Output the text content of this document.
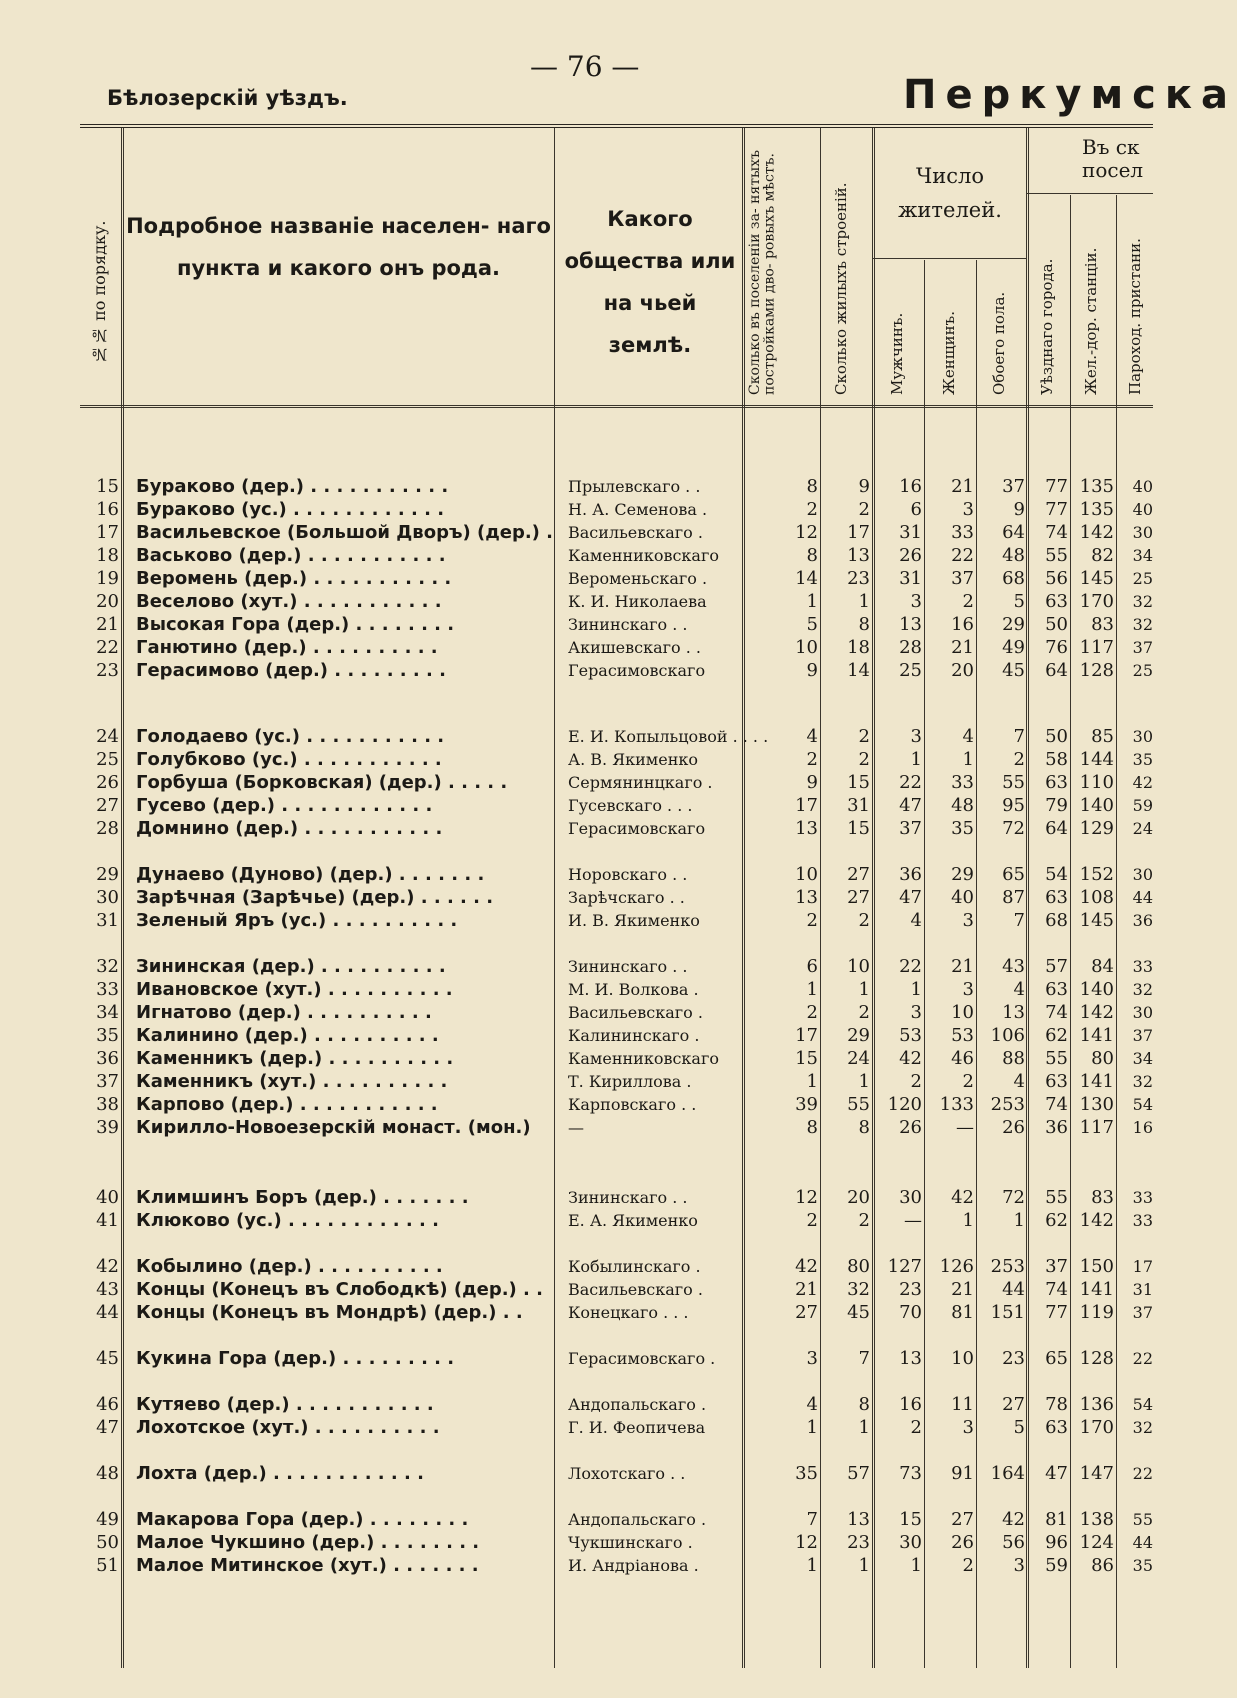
— 76 —
Бѣлозерскій уѣздъ.	Перкумска
№№ по порядку. Подробное названіе населен- наго пункта и какого онъ рода.
Какого общества или на чьей землѣ.	Сколько въ поселеніи за- нятыхъ постройками дво- ровыхъ мѣстъ.	Сколько жилыхъ строеній.
Число жителей.
Мужчинъ. Женщинъ. Обоего пола.
Въ ск посел
Уѣзднаго города. Жел.-дор. станціи. Пароход. пристани.
15 Бураково (дер.) . . . . . . . . . . .	Прылевскаго . .	8	9	16	21	37	77 135	40
16 Бураково (ус.) . . . . . . . . . . . .	Н. А. Семенова .	2	2	6	3	9	77 135	40
17 Васильевское (Большой Дворъ) (дер.) . Васильевскаго .	12	17	31	33	64	74 142	30
18 Васьково (дер.) . . . . . . . . . . .	Каменниковскаго	8	13	26	22	48	55	82	34
19 Веромень (дер.) . . . . . . . . . . .	Вероменьскаго .	14	23	31	37	68	56 145	25
20 Веселово (хут.) . . . . . . . . . . .	К. И. Николаева	1	1	3	2	5	63 170	32
21 Высокая Гора (дер.) . . . . . . . .	Зининскаго . .	5	8	13	16	29	50	83	32
22 Ганютино (дер.) . . . . . . . . . .	Акишевскаго . .	10	18	28	21	49	76 117	37
23 Герасимово (дер.) . . . . . . . . .	Герасимовскаго	9	14	25	20	45	64 128	25
24 Голодаево (ус.) . . . . . . . . . . .	Е. И. Копыльцовой . . . .	4	2	3	4	7	50	85	30
25 Голубково (ус.) . . . . . . . . . . .	А. В. Якименко	2	2	1	1	2	58 144	35
26 Горбуша (Борковская) (дер.) . . . . .	Сермянинцкаго .	9	15	22	33	55	63 110	42
27 Гусево (дер.) . . . . . . . . . . . .	Гусевскаго . . .	17	31	47	48	95	79 140	59
28 Домнино (дер.) . . . . . . . . . . .	Герасимовскаго	13	15	37	35	72	64 129	24
29 Дунаево (Дуново) (дер.) . . . . . . .	Норовскаго . .	10	27	36	29	65	54 152	30
30 Зарѣчная (Зарѣчье) (дер.) . . . . . .	Зарѣчскаго . .	13	27	47	40	87	63 108	44
31 Зеленый Яръ (ус.) . . . . . . . . . .	И. В. Якименко	2	2	4	3	7	68 145	36
32 Зининская (дер.) . . . . . . . . . .	Зининскаго . .	6	10	22	21	43	57	84	33
33 Ивановское (хут.) . . . . . . . . . .	М. И. Волкова .	1	1	1	3	4	63 140	32
34 Игнатово (дер.) . . . . . . . . . .	Васильевскаго .	2	2	3	10	13	74 142	30
35 Калинино (дер.) . . . . . . . . . .	Калининскаго .	17	29	53	53 106	62 141	37
36 Каменникъ (дер.) . . . . . . . . . .	Каменниковскаго	15	24	42	46	88	55	80	34
37 Каменникъ (хут.) . . . . . . . . . .	Т. Кириллова .	1	1	2	2	4	63 141	32
38 Карпово (дер.) . . . . . . . . . . .	Карповскаго . .	39	55 120 133 253	74 130	54
39 Кирилло-Новоезерскій монаст. (мон.)	—	8	8	26	—	26	36 117	16
40 Климшинъ Боръ (дер.) . . . . . . .	Зининскаго . .	12	20	30	42	72	55	83	33
41 Клюково (ус.) . . . . . . . . . . . .	Е. А. Якименко	2	2	—	1	1	62 142	33
42 Кобылино (дер.) . . . . . . . . . .	Кобылинскаго .	42	80 127 126 253	37 150	17
43 Концы (Конецъ въ Слободкѣ) (дер.) . . Васильевскаго .	21	32	23	21	44	74 141	31
44 Концы (Конецъ въ Мондрѣ) (дер.) . .	Конецкаго . . .	27	45	70	81 151	77 119	37
45 Кукина Гора (дер.) . . . . . . . . .	Герасимовскаго .	3	7	13	10	23	65 128	22
46 Кутяево (дер.) . . . . . . . . . . .	Андопальскаго .	4	8	16	11	27	78 136	54
47 Лохотское (хут.) . . . . . . . . . .	Г. И. Феопичева	1	1	2	3	5	63 170	32
48 Лохта (дер.) . . . . . . . . . . . .	Лохотскаго . .	35	57	73	91 164	47 147	22
49 Макарова Гора (дер.) . . . . . . . .	Андопальскаго .	7	13	15	27	42	81 138	55
50 Малое Чукшино (дер.) . . . . . . . .	Чукшинскаго .	12	23	30	26	56	96 124	44
51 Малое Митинское (хут.) . . . . . . .	И. Андріанова .	1	1	1	2	3	59	86	35
